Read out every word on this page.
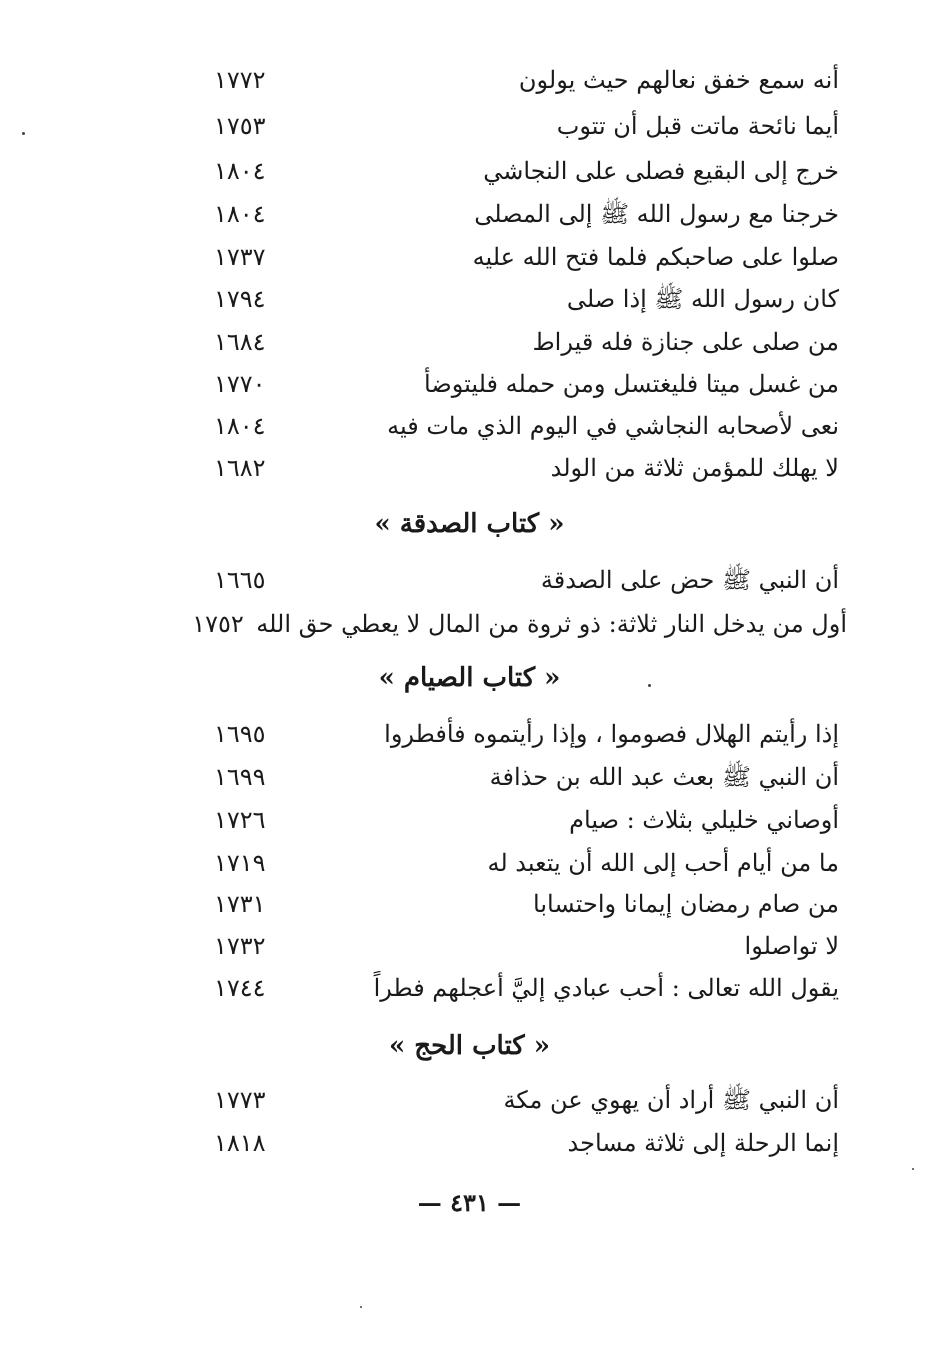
أنه سمع خفق نعالهم حيث يولون
١٧٧٢
أيما نائحة ماتت قبل أن تتوب
١٧٥٣
خرج إلى البقيع فصلى على النجاشي
١٨٠٤
خرجنا مع رسول الله ﷺ إلى المصلى
١٨٠٤
صلوا على صاحبكم فلما فتح الله عليه
١٧٣٧
كان رسول الله ﷺ إذا صلى
١٧٩٤
من صلى على جنازة فله قيراط
١٦٨٤
من غسل ميتا فليغتسل ومن حمله فليتوضأ
١٧٧٠
نعى لأصحابه النجاشي في اليوم الذي مات فيه
١٨٠٤
لا يهلك للمؤمن ثلاثة من الولد
١٦٨٢
« كتاب الصدقة »
أن النبي ﷺ حض على الصدقة
١٦٦٥
أول من يدخل النار ثلاثة: ذو ثروة من المال لا يعطي حق الله
١٧٥٢
« كتاب الصيام »
إذا رأيتم الهلال فصوموا ، وإذا رأيتموه فأفطروا
١٦٩٥
أن النبي ﷺ بعث عبد الله بن حذافة
١٦٩٩
أوصاني خليلي بثلاث : صيام
١٧٢٦
ما من أيام أحب إلى الله أن يتعبد له
١٧١٩
من صام رمضان إيمانا واحتسابا
١٧٣١
لا تواصلوا
١٧٣٢
يقول الله تعالى : أحب عبادي إليَّ أعجلهم فطراً
١٧٤٤
« كتاب الحج »
أن النبي ﷺ أراد أن يهوي عن مكة
١٧٧٣
إنما الرحلة إلى ثلاثة مساجد
١٨١٨
— ٤٣١ —
